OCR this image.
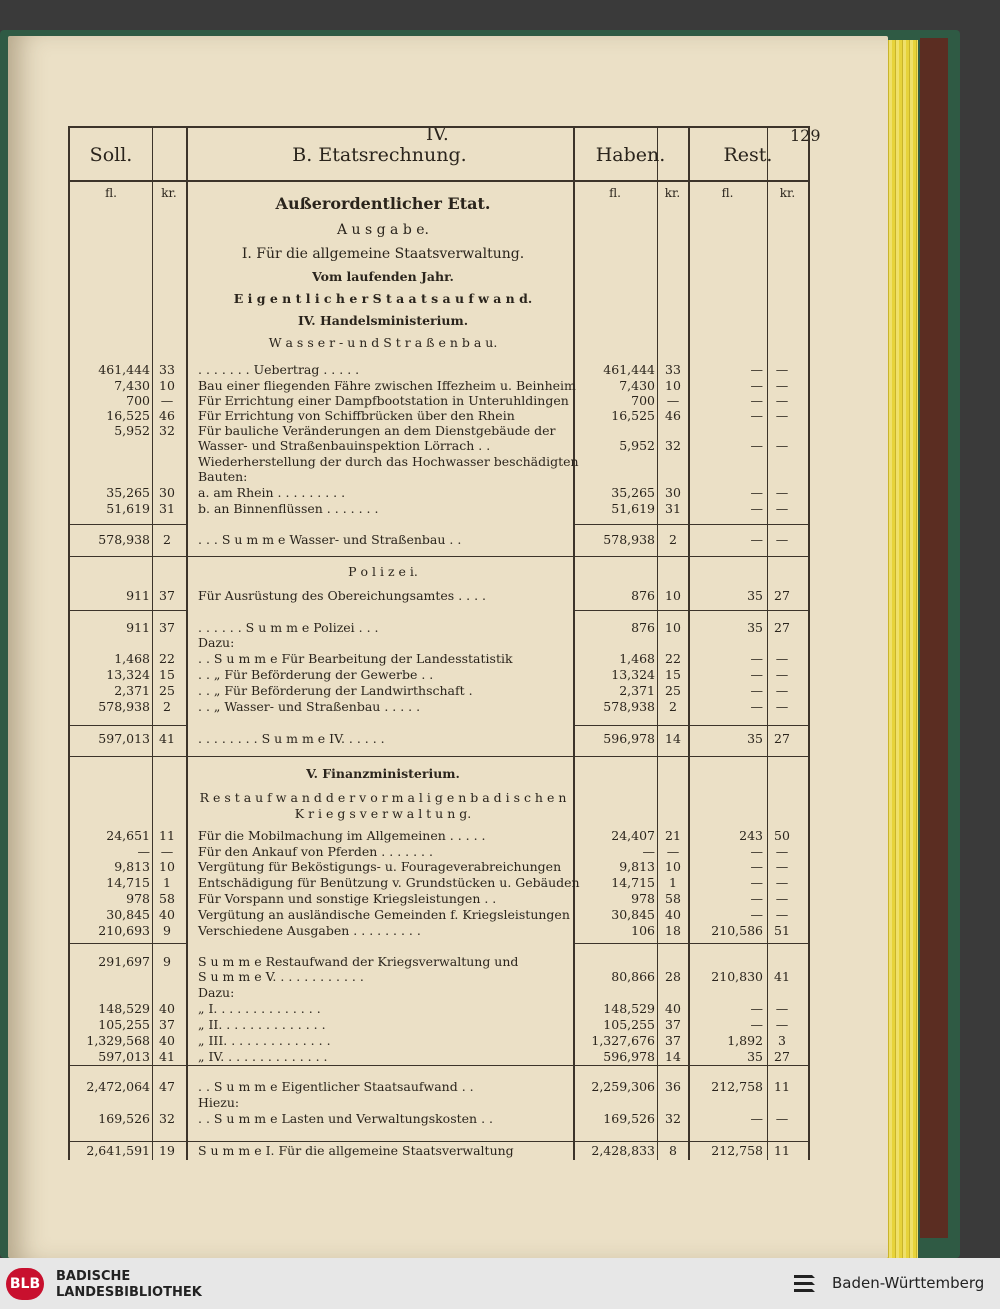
IV.	129
Soll.	B. Etatsrechnung.	Haben.	Rest.
fl.	kr.	fl.	kr.	fl.	kr.
Außerordentlicher Etat.
A u s g a b e.
I. Für die allgemeine Staatsverwaltung.
Vom laufenden Jahr.
E i g e n t l i c h e r S t a a t s a u f w a n d.
IV. Handelsministerium.
W a s s e r - u n d S t r a ß e n b a u.
P o l i z e i.
V. Finanzministerium.
R e s t a u f w a n d d e r v o r m a l i g e n b a d i s c h e n
K r i e g s v e r w a l t u n g.
461,444 33	. . . . . . . Uebertrag . . . . .	461,444 33	—	—
7,430 10	Bau einer fliegenden Fähre zwischen Iffezheim u. Beinheim	7,430 10	—	—
700 —	Für Errichtung einer Dampfbootstation in Unteruhldingen	700 —	—	—
16,525 46	Für Errichtung von Schiffbrücken über den Rhein	16,525 46	—	—
5,952 32	Für bauliche Veränderungen an dem Dienstgebäude der
Wasser- und Straßenbauinspektion Lörrach . .	5,952 32	—	—
Wiederherstellung der durch das Hochwasser beschädigten
Bauten:
35,265 30	a. am Rhein . . . . . . . . .	35,265 30	—	—
51,619 31	b. an Binnenflüssen . . . . . . .	51,619 31	—	—
578,938	2	. . . S u m m e Wasser- und Straßenbau . .	578,938	2	—	—
911 37	Für Ausrüstung des Obereichungsamtes . . . .	876 10	35 27
911 37	. . . . . . S u m m e Polizei . . .	876 10	35 27
Dazu:
1,468 22	. . S u m m e Für Bearbeitung der Landesstatistik	1,468 22	—	—
13,324 15	. . „ Für Beförderung der Gewerbe . .	13,324 15	—	—
2,371 25	. . „ Für Beförderung der Landwirthschaft .	2,371 25	—	—
578,938	2	. . „ Wasser- und Straßenbau . . . . .	578,938	2	—	—
597,013 41	. . . . . . . . S u m m e IV. . . . . .	596,978 14	35 27
24,651 11	Für die Mobilmachung im Allgemeinen . . . . .	24,407 21	243 50
— —	Für den Ankauf von Pferden . . . . . . .	— —	—	—
9,813 10	Vergütung für Beköstigungs- u. Fourageverabreichungen	9,813 10	—	—
14,715	1	Entschädigung für Benützung v. Grundstücken u. Gebäuden	14,715	1	—	—
978 58	Für Vorspann und sonstige Kriegsleistungen . .	978 58	—	—
30,845 40	Vergütung an ausländische Gemeinden f. Kriegsleistungen	30,845 40	—	—
210,693	9	Verschiedene Ausgaben . . . . . . . . .	106 18	210,586 51
291,697	9	S u m m e Restaufwand der Kriegsverwaltung und
S u m m e V. . . . . . . . . . . .	80,866 28	210,830 41
Dazu:
148,529 40	„ I. . . . . . . . . . . . . .	148,529 40	—	—
105,255 37	„ II. . . . . . . . . . . . . .	105,255 37	—	—
1,329,568 40	„ III. . . . . . . . . . . . . .	1,327,676 37	1,892	3
597,013 41	„ IV. . . . . . . . . . . . . .	596,978 14	35 27
2,472,064 47	. . S u m m e Eigentlicher Staatsaufwand . .	2,259,306 36	212,758 11
Hiezu:
169,526 32	. . S u m m e Lasten und Verwaltungskosten . .	169,526 32	—	—
2,641,591 19	S u m m e I. Für die allgemeine Staatsverwaltung	2,428,833	8	212,758 11
BLB BADISCHE
LANDESBIBLIOTHEK
Baden-Württemberg
